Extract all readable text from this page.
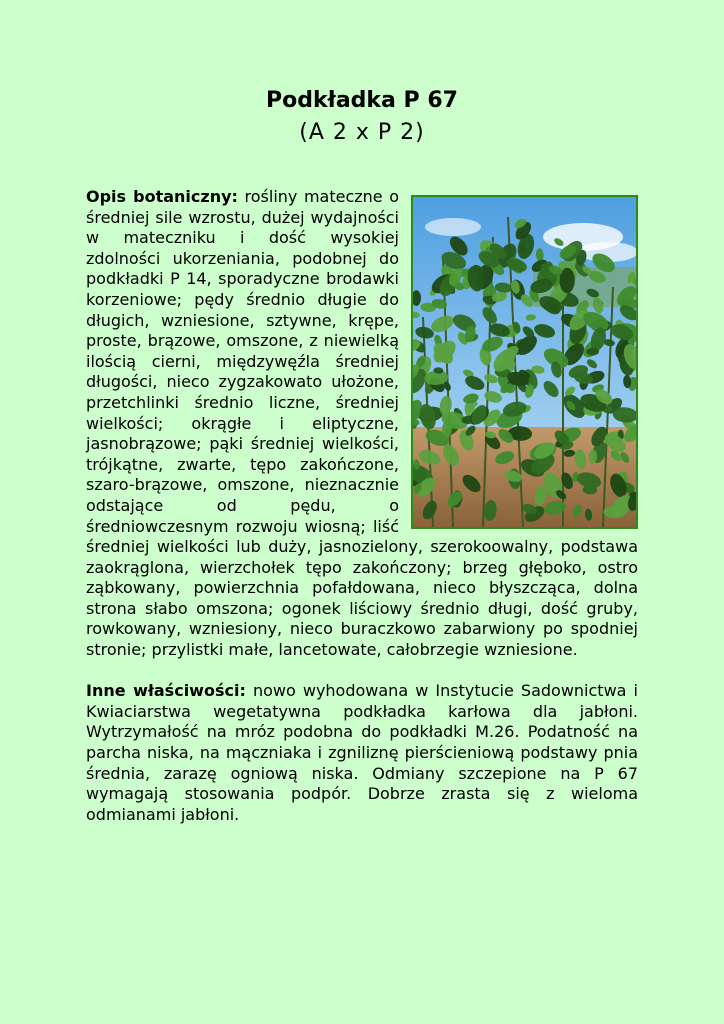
Podkładka P 67
(A 2 x P 2)

Opis botaniczny: rośliny mateczne o średniej sile wzrostu, dużej wydajności w mateczniku i dość wysokiej zdolności ukorzeniania, podobnej do podkładki P 14, sporadyczne brodawki korzeniowe; pędy średnio długie do długich, wzniesione, sztywne, krępe, proste, brązowe, omszone, z niewielką ilością cierni, międzywęźla średniej długości, nieco zygzakowato ułożone, przetchlinki średnio liczne, średniej wielkości; okrągłe i eliptyczne, jasnobrązowe; pąki średniej wielkości, trójkątne, zwarte, tępo zakończone, szaro-brązowe, omszone, nieznacznie odstające od pędu, o średniowczesnym rozwoju wiosną; liść średniej wielkości lub duży, jasnozielony, szerokoowalny, podstawa zaokrąglona, wierzchołek tępo zakończony; brzeg głęboko, ostro ząbkowany, powierzchnia pofałdowana, nieco błyszcząca, dolna strona słabo omszona; ogonek liściowy średnio długi, dość gruby, rowkowany, wzniesiony, nieco buraczkowo zabarwiony po spodniej stronie; przylistki małe, lancetowate, całobrzegie wzniesione.

Inne właściwości: nowo wyhodowana w Instytucie Sadownictwa i Kwiaciarstwa wegetatywna podkładka karłowa dla jabłoni. Wytrzymałość na mróz podobna do podkładki M.26. Podatność na parcha niska, na mączniaka i zgniliznę pierścieniową podstawy pnia średnia, zarazę ogniową niska. Odmiany szczepione na P 67 wymagają stosowania podpór. Dobrze zrasta się z wieloma odmianami jabłoni.
